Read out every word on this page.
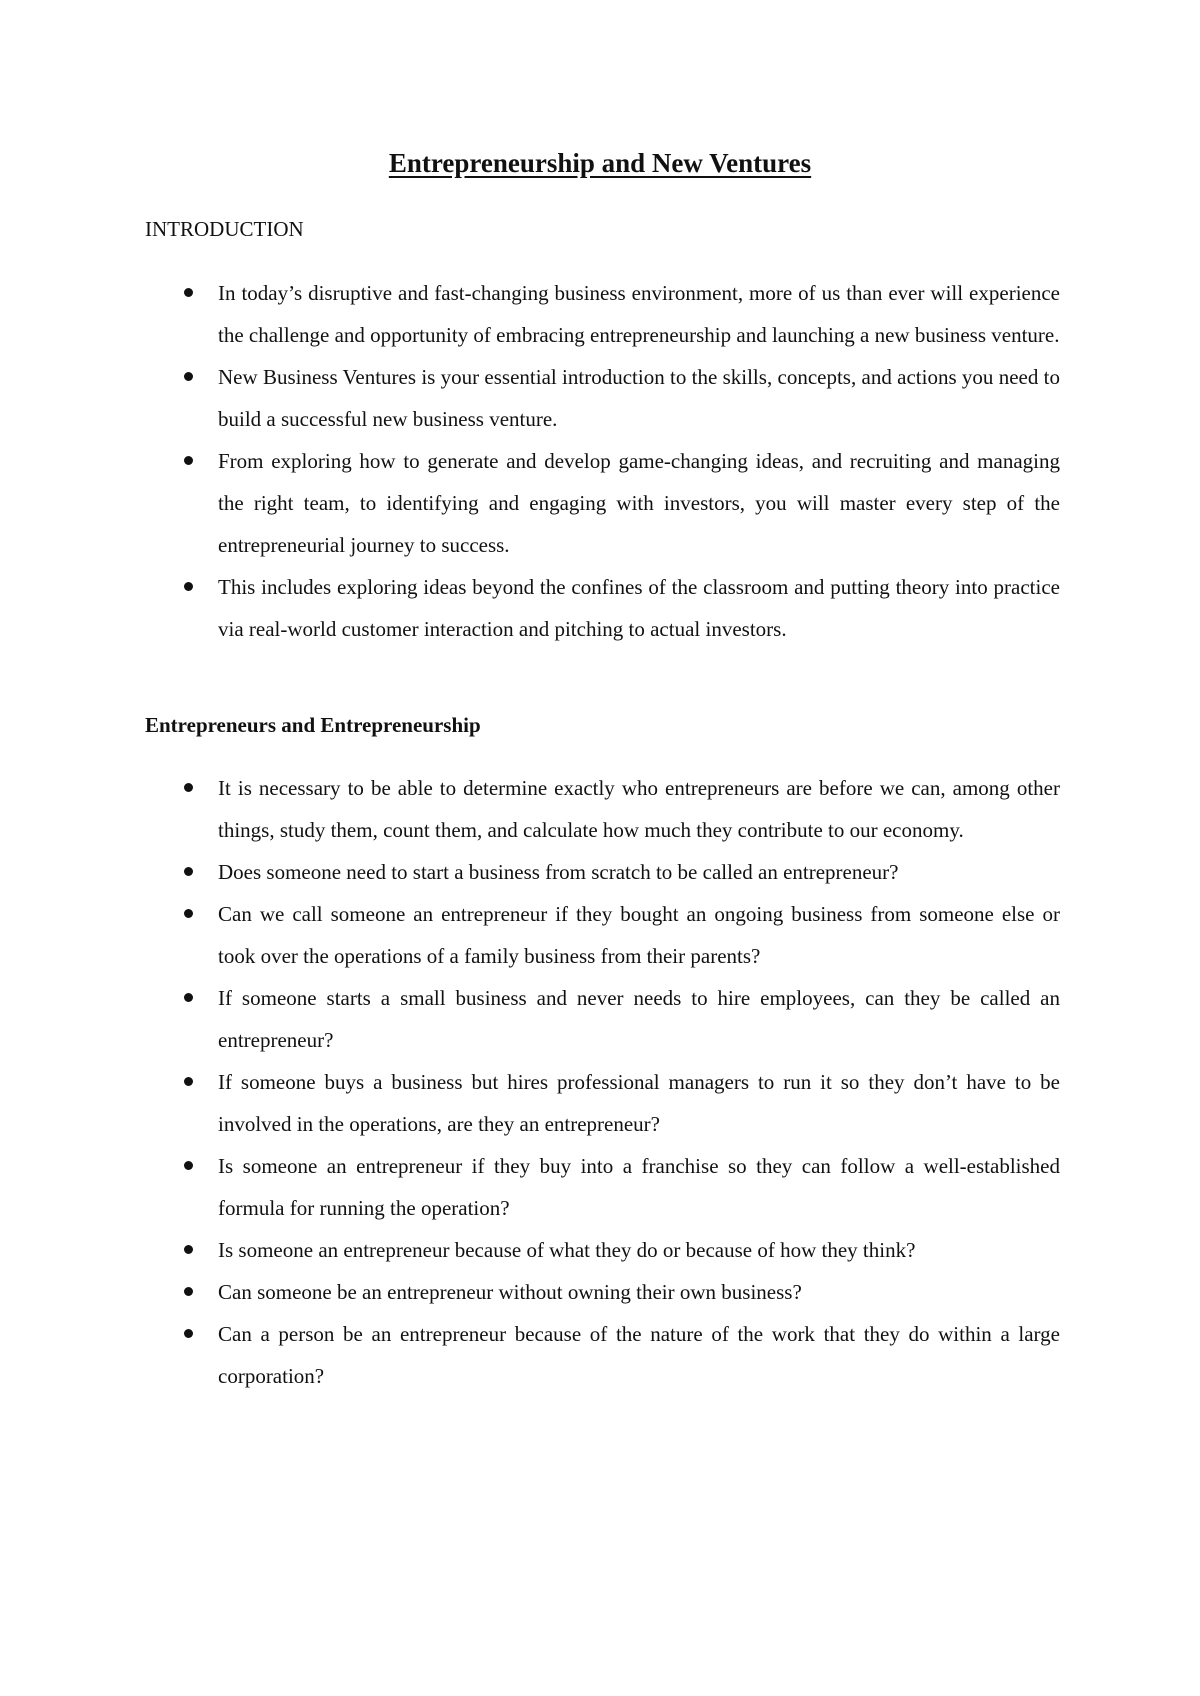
Entrepreneurship and New Ventures
INTRODUCTION
In today’s disruptive and fast-changing business environment, more of us than ever will experience the challenge and opportunity of embracing entrepreneurship and launching a new business venture.
New Business Ventures is your essential introduction to the skills, concepts, and actions you need to build a successful new business venture.
From exploring how to generate and develop game-changing ideas, and recruiting and managing the right team, to identifying and engaging with investors, you will master every step of the entrepreneurial journey to success.
This includes exploring ideas beyond the confines of the classroom and putting theory into practice via real-world customer interaction and pitching to actual investors.
Entrepreneurs and Entrepreneurship
It is necessary to be able to determine exactly who entrepreneurs are before we can, among other things, study them, count them, and calculate how much they contribute to our economy.
Does someone need to start a business from scratch to be called an entrepreneur?
Can we call someone an entrepreneur if they bought an ongoing business from someone else or took over the operations of a family business from their parents?
If someone starts a small business and never needs to hire employees, can they be called an entrepreneur?
If someone buys a business but hires professional managers to run it so they don’t have to be involved in the operations, are they an entrepreneur?
Is someone an entrepreneur if they buy into a franchise so they can follow a well-established formula for running the operation?
Is someone an entrepreneur because of what they do or because of how they think?
Can someone be an entrepreneur without owning their own business?
Can a person be an entrepreneur because of the nature of the work that they do within a large corporation?
